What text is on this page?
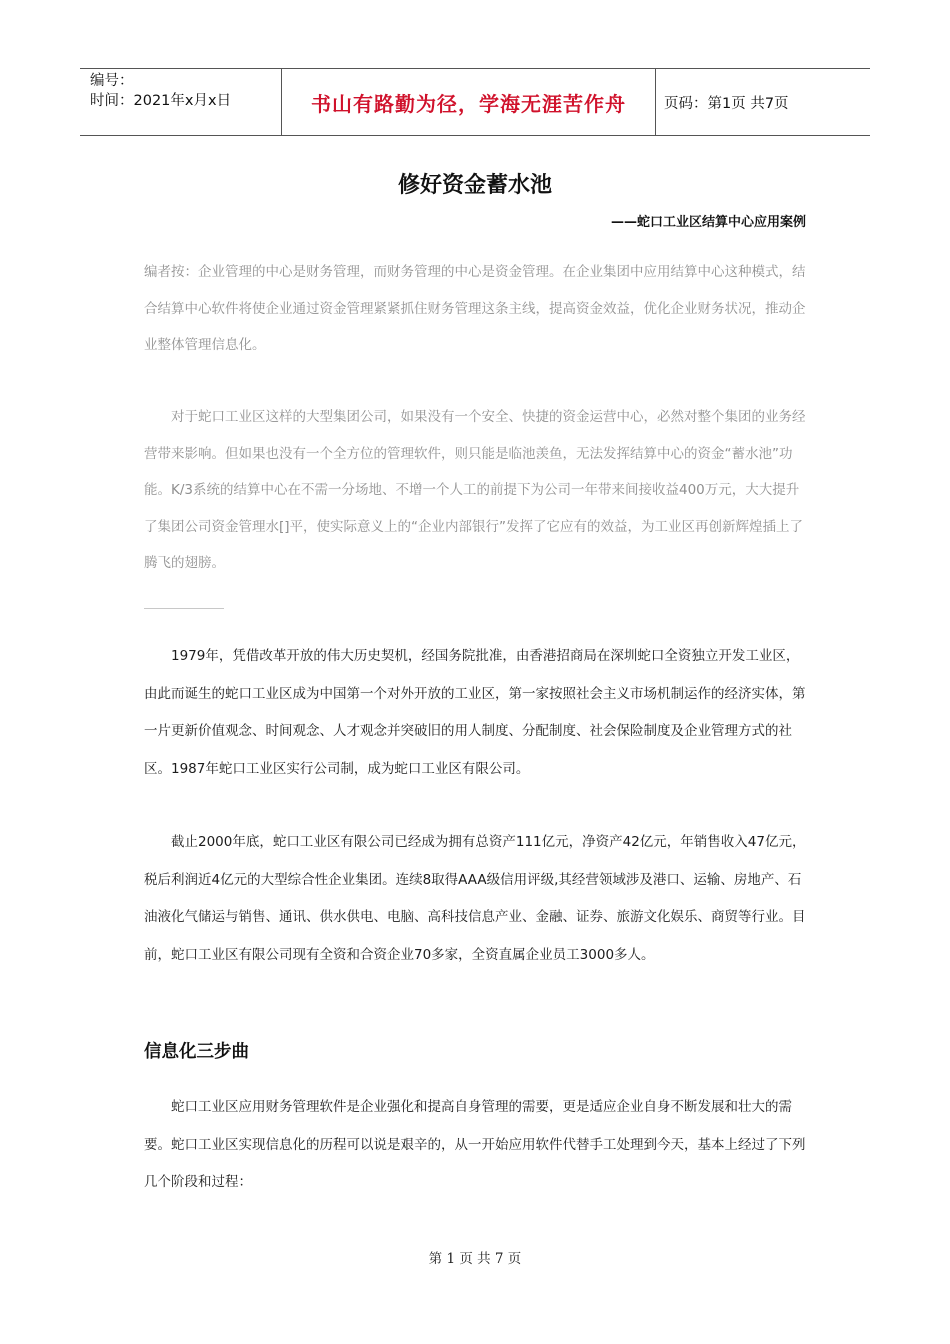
编号：
时间：2021年x月x日	书山有路勤为径，学海无涯苦作舟	页码：第1页 共7页
修好资金蓄水池
——蛇口工业区结算中心应用案例

编者按：企业管理的中心是财务管理，而财务管理的中心是资金管理。在企业集团中应用结算中心这种模式，结合结算中心软件将使企业通过资金管理紧紧抓住财务管理这条主线，提高资金效益，优化企业财务状况，推动企业整体管理信息化。

对于蛇口工业区这样的大型集团公司，如果没有一个安全、快捷的资金运营中心，必然对整个集团的业务经营带来影响。但如果也没有一个全方位的管理软件，则只能是临池羡鱼，无法发挥结算中心的资金“蓄水池”功能。K/3系统的结算中心在不需一分场地、不增一个人工的前提下为公司一年带来间接收益400万元，大大提升了集团公司资金管理水[]平，使实际意义上的“企业内部银行”发挥了它应有的效益，为工业区再创新辉煌插上了腾飞的翅膀。

1979年，凭借改革开放的伟大历史契机，经国务院批准，由香港招商局在深圳蛇口全资独立开发工业区，由此而诞生的蛇口工业区成为中国第一个对外开放的工业区，第一家按照社会主义市场机制运作的经济实体，第一片更新价值观念、时间观念、人才观念并突破旧的用人制度、分配制度、社会保险制度及企业管理方式的社区。1987年蛇口工业区实行公司制，成为蛇口工业区有限公司。

截止2000年底，蛇口工业区有限公司已经成为拥有总资产111亿元，净资产42亿元，年销售收入47亿元，税后利润近4亿元的大型综合性企业集团。连续8取得AAA级信用评级,其经营领域涉及港口、运输、房地产、石油液化气储运与销售、通讯、供水供电、电脑、高科技信息产业、金融、证券、旅游文化娱乐、商贸等行业。目前，蛇口工业区有限公司现有全资和合资企业70多家，全资直属企业员工3000多人。

信息化三步曲

蛇口工业区应用财务管理软件是企业强化和提高自身管理的需要，更是适应企业自身不断发展和壮大的需要。蛇口工业区实现信息化的历程可以说是艰辛的，从一开始应用软件代替手工处理到今天，基本上经过了下列几个阶段和过程：

第 1 页 共 7 页
